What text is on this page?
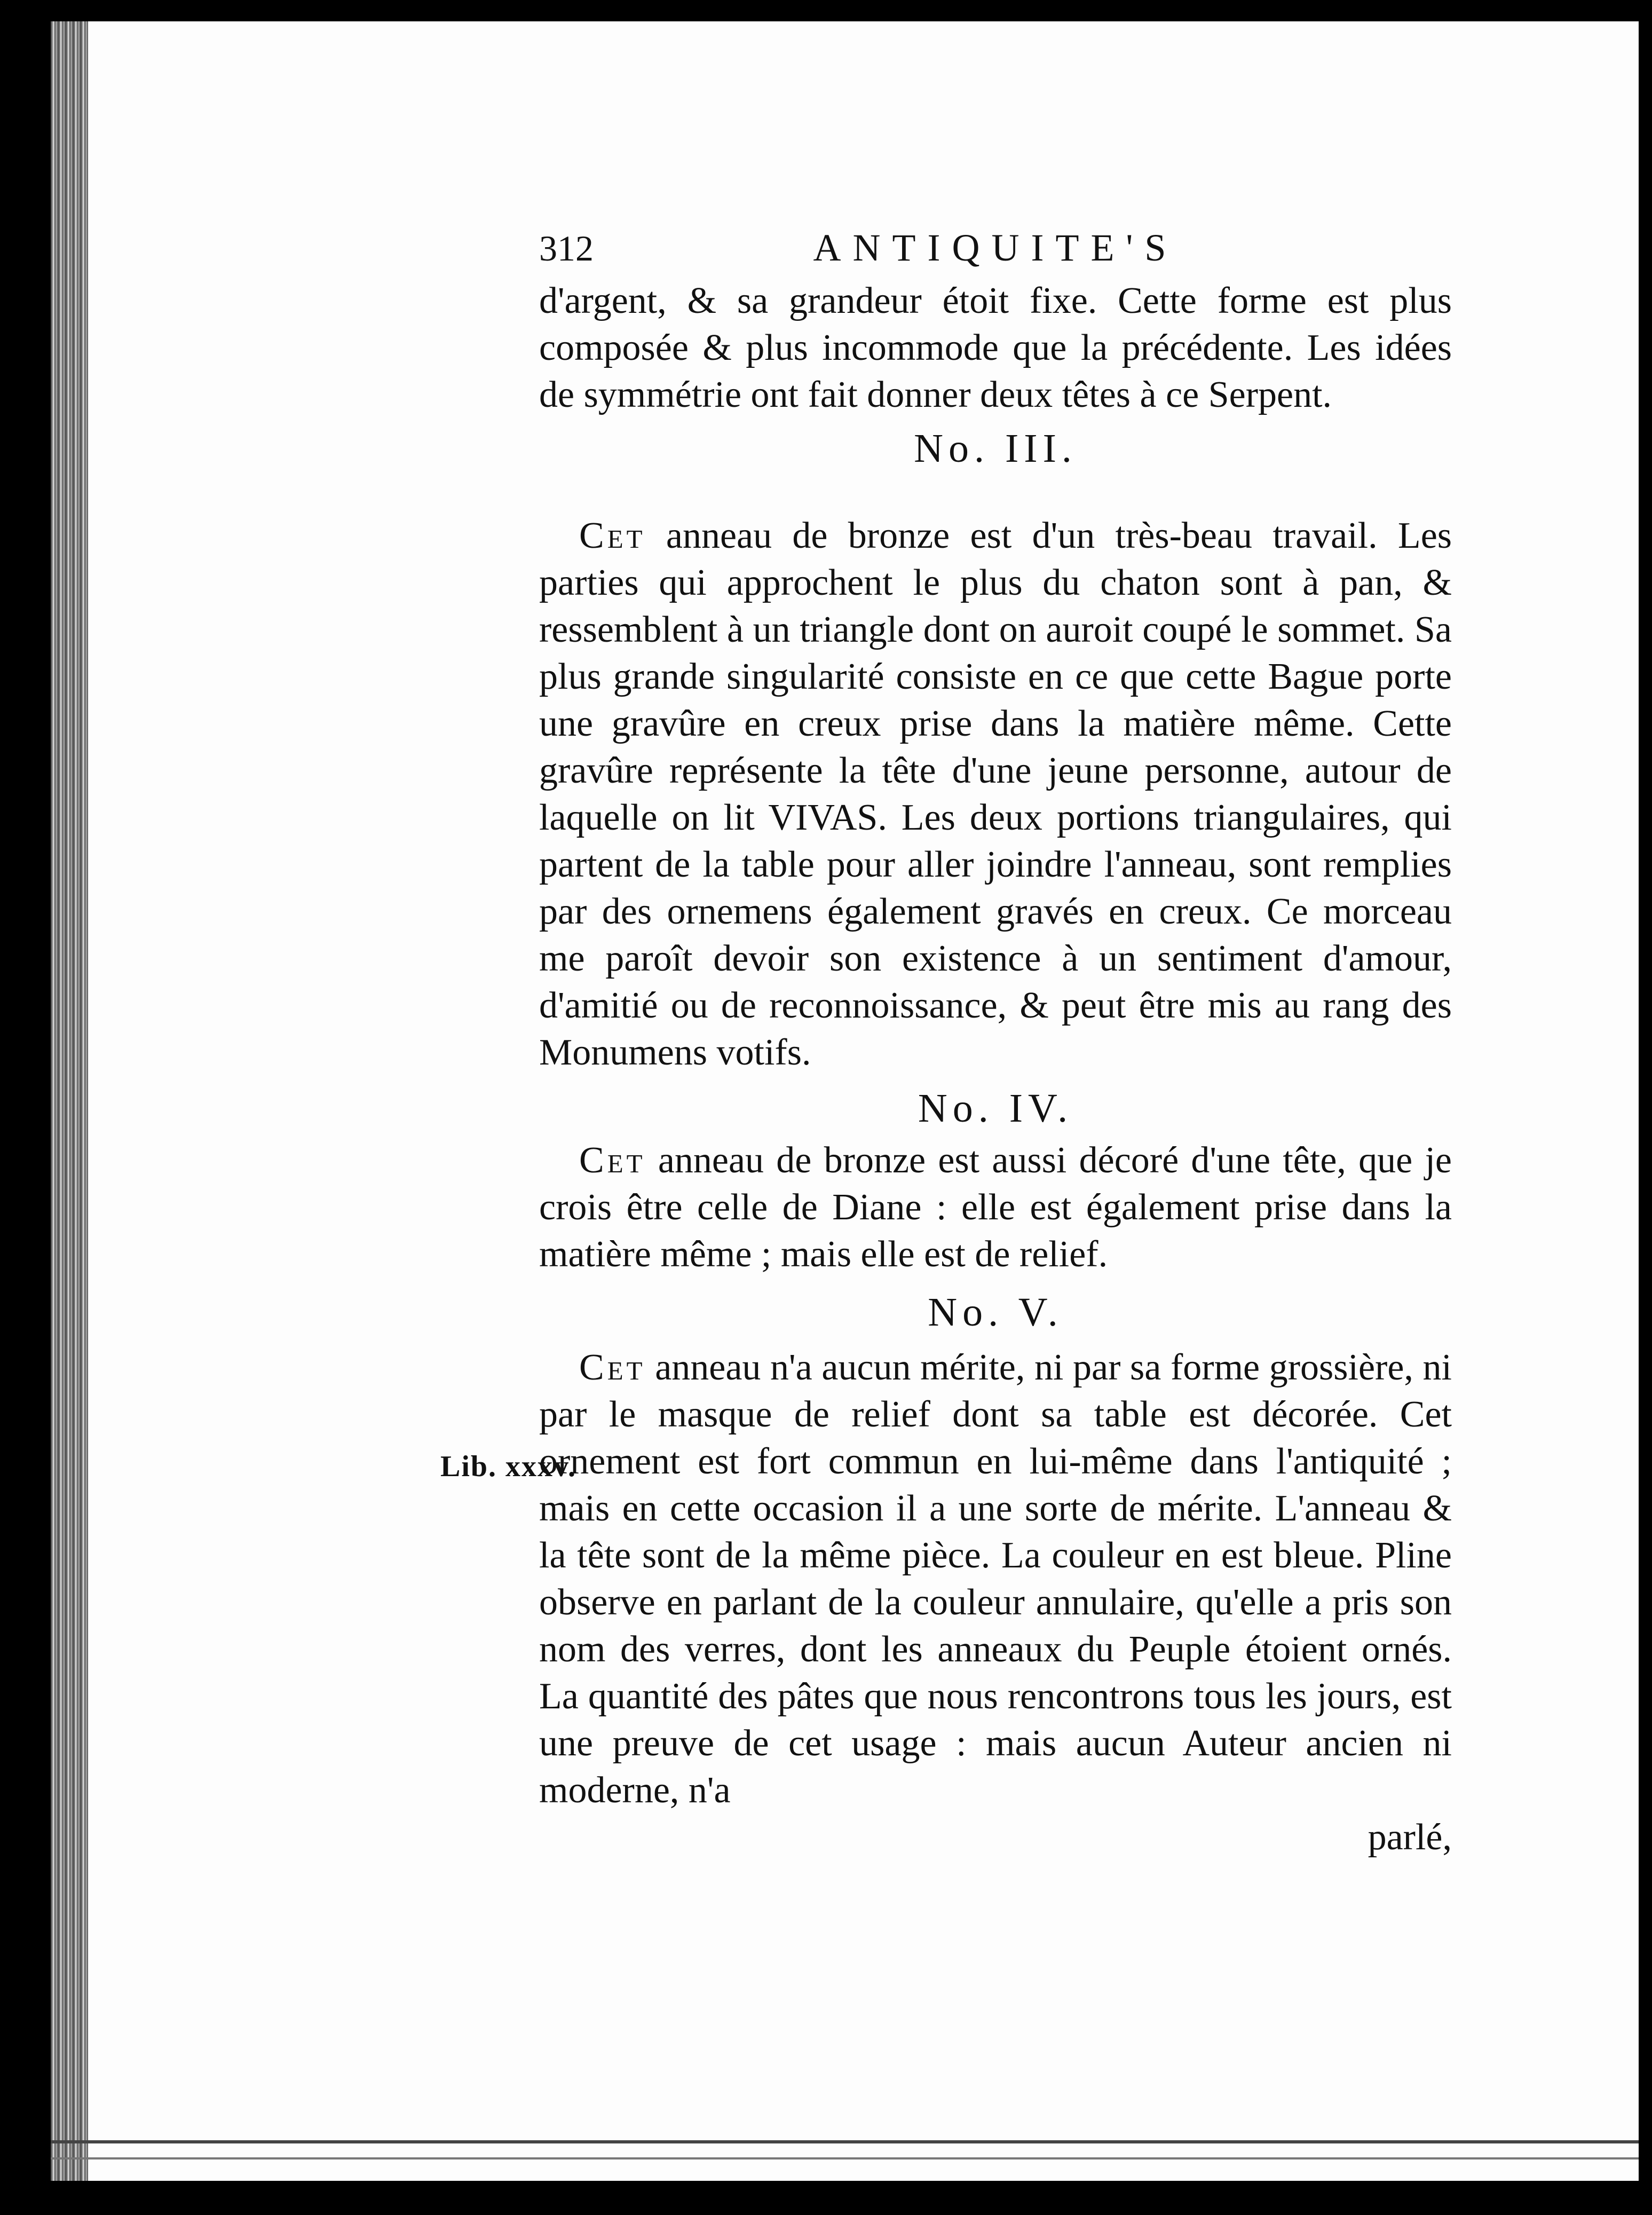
312	ANTIQUITE'S

d'argent, & sa grandeur étoit fixe. Cette forme est plus composée & plus incommode que la précédente. Les idées de symmétrie ont fait donner deux têtes à ce Serpent.

No. III.

Cet anneau de bronze est d'un très-beau travail. Les parties qui approchent le plus du chaton sont à pan, & ressemblent à un triangle dont on auroit coupé le sommet. Sa plus grande singularité consiste en ce que cette Bague porte une gravûre en creux prise dans la matière même. Cette gravûre représente la tête d'une jeune personne, autour de laquelle on lit VIVAS. Les deux portions triangulaires, qui partent de la table pour aller joindre l'anneau, sont remplies par des ornemens également gravés en creux. Ce morceau me paroît devoir son existence à un sentiment d'amour, d'amitié ou de reconnoissance, & peut être mis au rang des Monumens votifs.

No. IV.

Cet anneau de bronze est aussi décoré d'une tête, que je crois être celle de Diane : elle est également prise dans la matière même ; mais elle est de relief.

No. V.

Cet anneau n'a aucun mérite, ni par sa forme grossière, ni par le masque de relief dont sa table est décorée. Cet ornement est fort commun en lui-même dans l'antiquité ; mais en cette occasion il a une sorte de mérite. L'anneau & la tête sont de la même pièce. La couleur en est bleue. Pline observe en parlant de la couleur annulaire, qu'elle a pris son nom des verres, dont les anneaux du Peuple étoient ornés. La quantité des pâtes que nous rencontrons tous les jours, est une preuve de cet usage : mais aucun Auteur ancien ni moderne, n'a

parlé,

Lib. xxxv.
